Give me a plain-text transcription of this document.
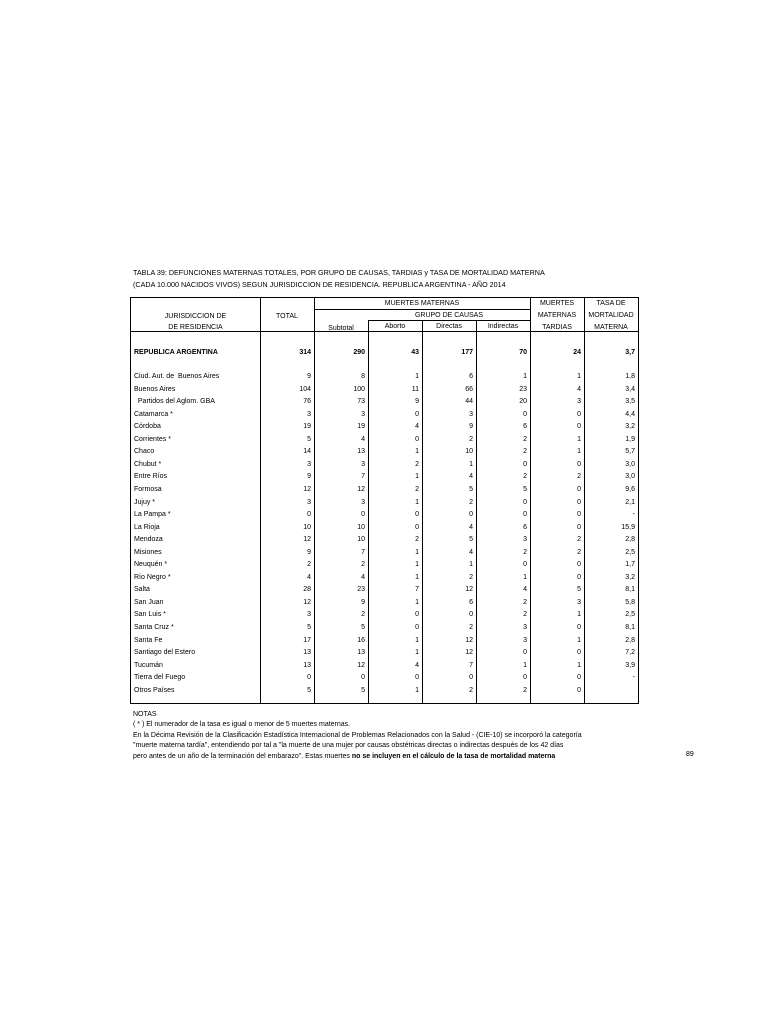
TABLA 39: DEFUNCIONES MATERNAS TOTALES, POR GRUPO DE CAUSAS, TARDIAS y TASA DE MORTALIDAD MATERNA
(CADA 10.000 NACIDOS VIVOS) SEGUN JURISDICCION DE RESIDENCIA. REPUBLICA ARGENTINA - AÑO 2014
JURISDICCION DE
DE RESIDENCIA
TOTAL
MUERTES MATERNAS
GRUPO DE CAUSAS
Subtotal	Aborto	Directas	Indirectas
MUERTES
MATERNAS
TARDIAS
TASA DE
MORTALIDAD
MATERNA
REPUBLICA ARGENTINA	314	290	43	177	70	24	3,7
Ciud. Aut. de  Buenos Aires	9	8	1	6	1	1	1,8
Buenos Aires	104	100	11	66	23	4	3,4
Partidos del Aglom. GBA	76	73	9	44	20	3	3,5
Catamarca *	3	3	0	3	0	0	4,4
Córdoba	19	19	4	9	6	0	3,2
Corrientes *	5	4	0	2	2	1	1,9
Chaco	14	13	1	10	2	1	5,7
Chubut *	3	3	2	1	0	0	3,0
Entre Ríos	9	7	1	4	2	2	3,0
Formosa	12	12	2	5	5	0	9,6
Jujuy *	3	3	1	2	0	0	2,1
La Pampa *	0	0	0	0	0	0	-
La Rioja	10	10	0	4	6	0	15,9
Mendoza	12	10	2	5	3	2	2,8
Misiones	9	7	1	4	2	2	2,5
Neuquén *	2	2	1	1	0	0	1,7
Río Negro *	4	4	1	2	1	0	3,2
Salta	28	23	7	12	4	5	8,1
San Juan	12	9	1	6	2	3	5,8
San Luis *	3	2	0	0	2	1	2,5
Santa Cruz *	5	5	0	2	3	0	8,1
Santa Fe	17	16	1	12	3	1	2,8
Santiago del Estero	13	13	1	12	0	0	7,2
Tucumán	13	12	4	7	1	1	3,9
Tierra del Fuego	0	0	0	0	0	0	-
Otros Países	5	5	1	2	2	0
NOTAS
( * ) El numerador de la tasa es igual o menor de 5 muertes maternas.
En la Décima Revisión de la Clasificación Estadística Internacional de Problemas Relacionados con la Salud - (CIE-10) se incorporó la categoría
"muerte materna tardía", entendiendo por tal a "la muerte de una mujer por causas obstétricas directas o indirectas después de los 42 días
pero antes de un año de la terminación del embarazo". Estas muertes no se incluyen en el cálculo de la tasa de mortalidad materna	89
